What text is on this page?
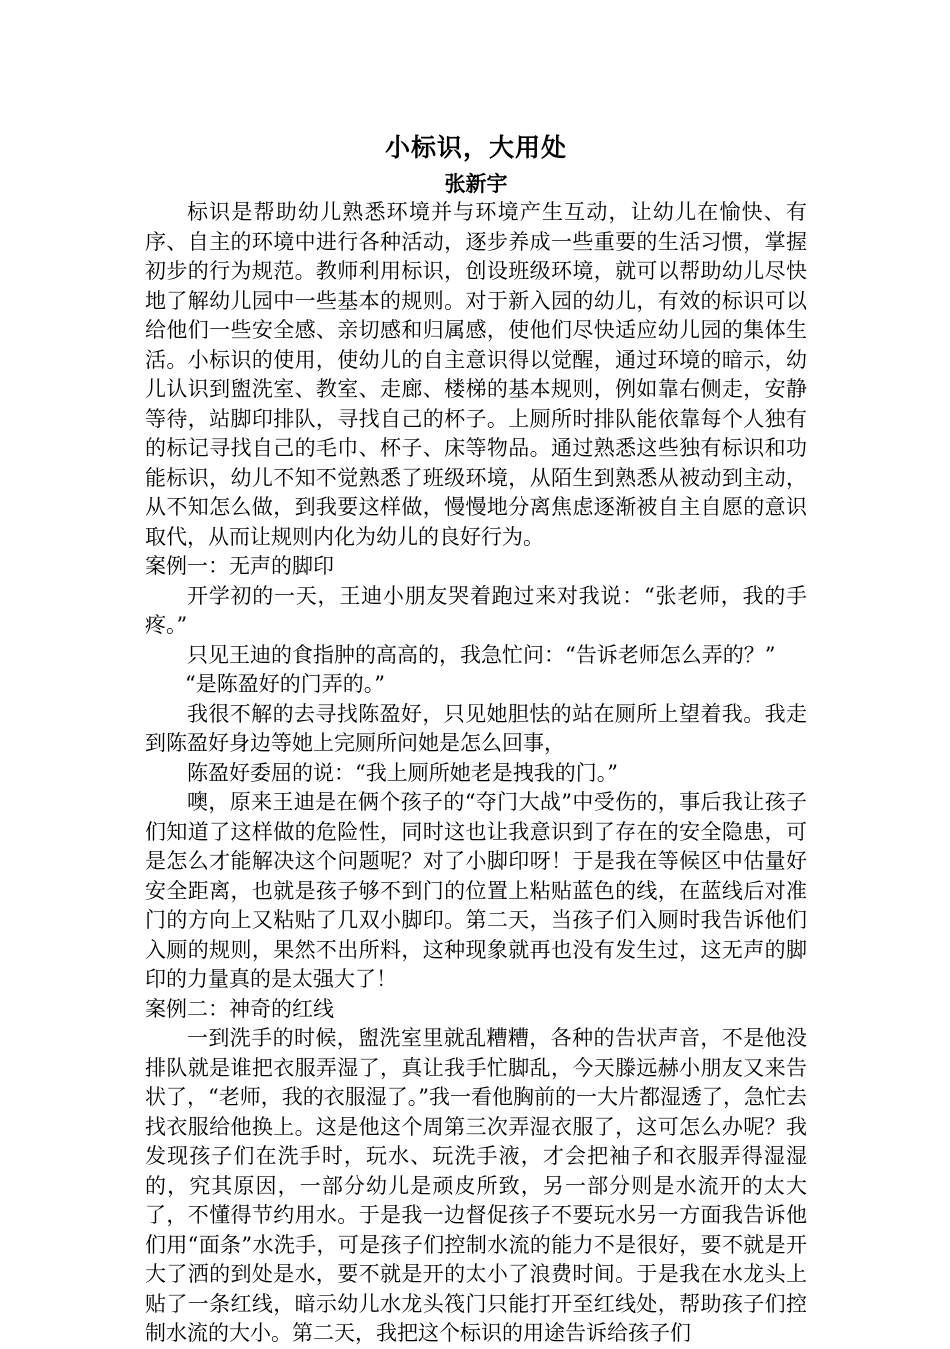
小标识，大用处
张新宇

标识是帮助幼儿熟悉环境并与环境产生互动，让幼儿在愉快、有序、自主的环境中进行各种活动，逐步养成一些重要的生活习惯，掌握初步的行为规范。教师利用标识，创设班级环境，就可以帮助幼儿尽快地了解幼儿园中一些基本的规则。对于新入园的幼儿，有效的标识可以给他们一些安全感、亲切感和归属感，使他们尽快适应幼儿园的集体生活。小标识的使用，使幼儿的自主意识得以觉醒，通过环境的暗示，幼儿认识到盥洗室、教室、走廊、楼梯的基本规则，例如靠右侧走，安静等待，站脚印排队，寻找自己的杯子。上厕所时排队能依靠每个人独有的标记寻找自己的毛巾、杯子、床等物品。通过熟悉这些独有标识和功能标识，幼儿不知不觉熟悉了班级环境，从陌生到熟悉从被动到主动，从不知怎么做，到我要这样做，慢慢地分离焦虑逐渐被自主自愿的意识取代，从而让规则内化为幼儿的良好行为。

案例一：无声的脚印

开学初的一天，王迪小朋友哭着跑过来对我说：“张老师，我的手疼。”

只见王迪的食指肿的高高的，我急忙问：“告诉老师怎么弄的？”

“是陈盈好的门弄的。”

我很不解的去寻找陈盈好，只见她胆怯的站在厕所上望着我。我走到陈盈好身边等她上完厕所问她是怎么回事，

陈盈好委屈的说：“我上厕所她老是拽我的门。”

噢，原来王迪是在俩个孩子的“夺门大战”中受伤的，事后我让孩子们知道了这样做的危险性，同时这也让我意识到了存在的安全隐患，可是怎么才能解决这个问题呢？对了小脚印呀！于是我在等候区中估量好安全距离，也就是孩子够不到门的位置上粘贴蓝色的线，在蓝线后对准门的方向上又粘贴了几双小脚印。第二天，当孩子们入厕时我告诉他们入厕的规则，果然不出所料，这种现象就再也没有发生过，这无声的脚印的力量真的是太强大了！

案例二：神奇的红线

一到洗手的时候，盥洗室里就乱糟糟，各种的告状声音，不是他没排队就是谁把衣服弄湿了，真让我手忙脚乱，今天滕远赫小朋友又来告状了，“老师，我的衣服湿了。”我一看他胸前的一大片都湿透了，急忙去找衣服给他换上。这是他这个周第三次弄湿衣服了，这可怎么办呢？我发现孩子们在洗手时，玩水、玩洗手液，才会把袖子和衣服弄得湿湿的，究其原因，一部分幼儿是顽皮所致，另一部分则是水流开的太大了，不懂得节约用水。于是我一边督促孩子不要玩水另一方面我告诉他们用“面条”水洗手，可是孩子们控制水流的能力不是很好，要不就是开大了洒的到处是水，要不就是开的太小了浪费时间。于是我在水龙头上贴了一条红线，暗示幼儿水龙头筏门只能打开至红线处，帮助孩子们控制水流的大小。第二天，我把这个标识的用途告诉给孩子们
